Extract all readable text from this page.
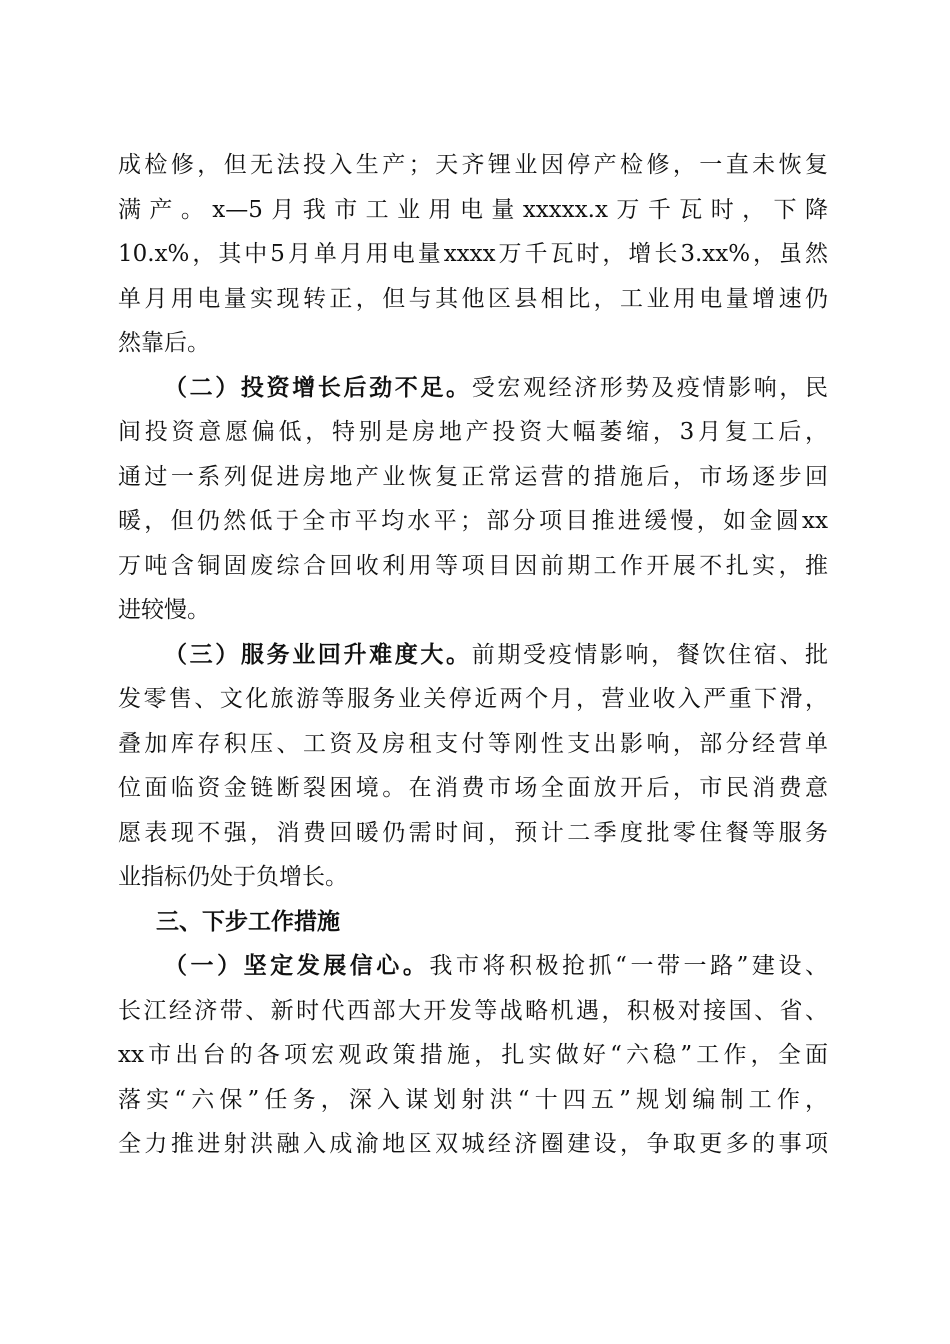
成检修，但无法投入生产；天齐锂业因停产检修，一直未恢复
满产。x—5月我市工业用电量xxxxx.x万千瓦时，下降
10.x%，其中5月单月用电量xxxx万千瓦时，增长3.xx%，虽然
单月用电量实现转正，但与其他区县相比，工业用电量增速仍
然靠后。
（二）投资增长后劲不足。受宏观经济形势及疫情影响，民
间投资意愿偏低，特别是房地产投资大幅萎缩，3月复工后，
通过一系列促进房地产业恢复正常运营的措施后，市场逐步回
暖，但仍然低于全市平均水平；部分项目推进缓慢，如金圆xx
万吨含铜固废综合回收利用等项目因前期工作开展不扎实，推
进较慢。
（三）服务业回升难度大。前期受疫情影响，餐饮住宿、批
发零售、文化旅游等服务业关停近两个月，营业收入严重下滑，
叠加库存积压、工资及房租支付等刚性支出影响，部分经营单
位面临资金链断裂困境。在消费市场全面放开后，市民消费意
愿表现不强，消费回暖仍需时间，预计二季度批零住餐等服务
业指标仍处于负增长。
三、下步工作措施
（一）坚定发展信心。我市将积极抢抓“一带一路”建设、
长江经济带、新时代西部大开发等战略机遇，积极对接国、省、
xx市出台的各项宏观政策措施，扎实做好“六稳”工作，全面
落实“六保”任务，深入谋划射洪“十四五”规划编制工作，
全力推进射洪融入成渝地区双城经济圈建设，争取更多的事项
